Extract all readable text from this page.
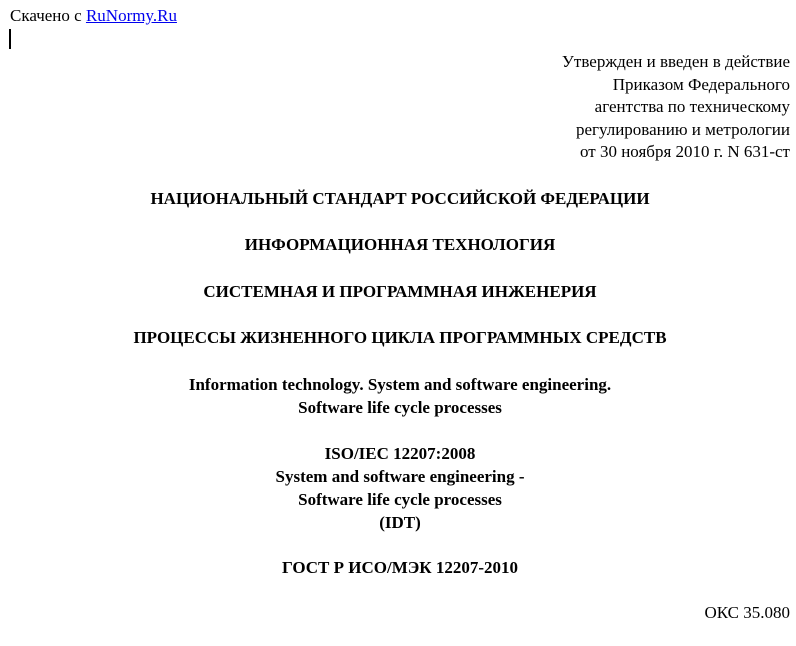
Скачено с RuNormy.Ru
Утвержден и введен в действие
Приказом Федерального
агентства по техническому
регулированию и метрологии
от 30 ноября 2010 г. N 631-ст
НАЦИОНАЛЬНЫЙ СТАНДАРТ РОССИЙСКОЙ ФЕДЕРАЦИИ
ИНФОРМАЦИОННАЯ ТЕХНОЛОГИЯ
СИСТЕМНАЯ И ПРОГРАММНАЯ ИНЖЕНЕРИЯ
ПРОЦЕССЫ ЖИЗНЕННОГО ЦИКЛА ПРОГРАММНЫХ СРЕДСТВ
Information technology. System and software engineering.
Software life cycle processes
ISO/IEC 12207:2008
System and software engineering -
Software life cycle processes
(IDT)
ГОСТ Р ИСО/МЭК 12207-2010
ОКС 35.080
